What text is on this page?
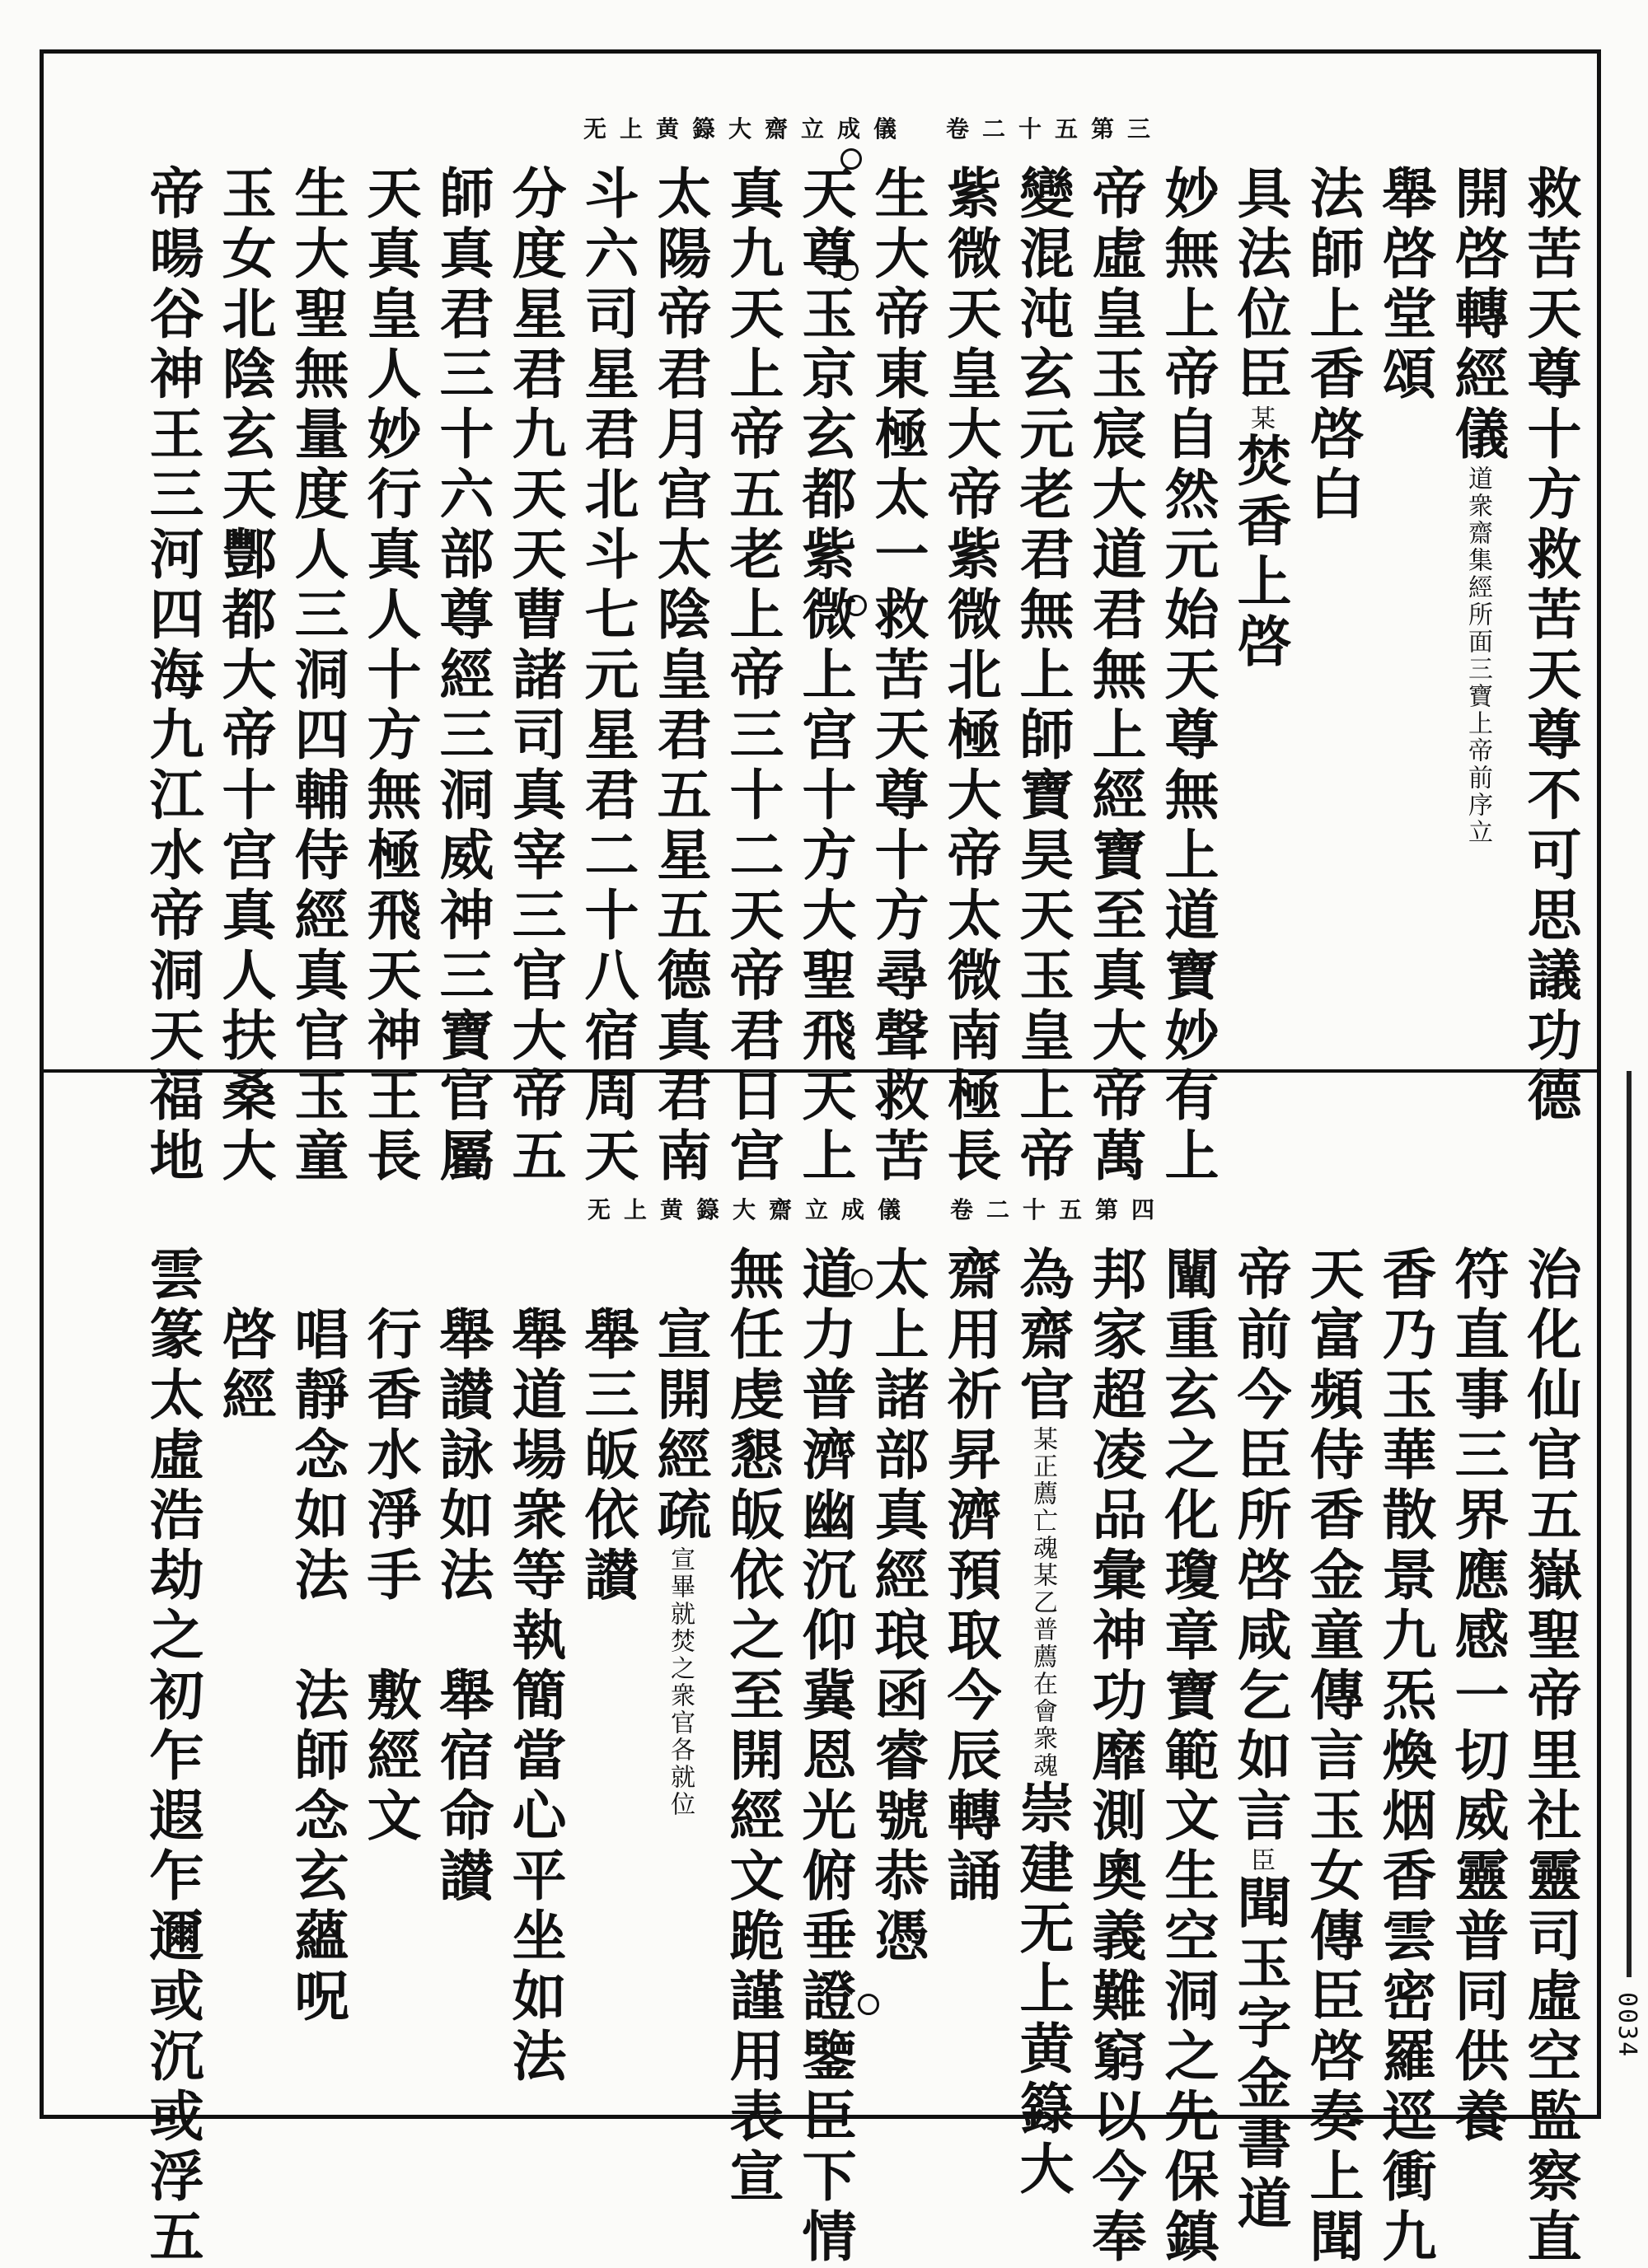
无上黄籙大齋立成儀　卷二十五第三
救苦天尊十方救苦天尊不可思議功德
開啓轉經儀道衆齋集經所面三寶上帝前序立
舉啓堂頌
法師上香啓白
具法位臣某焚香上啓
妙無上帝自然元始天尊無上道寶妙有上
帝虛皇玉宸大道君無上經寶至真大帝萬
變混沌玄元老君無上師寶昊天玉皇上帝
紫微天皇大帝紫微北極大帝太微南極長
生大帝東極太一救苦天尊十方尋聲救苦
天尊玉京玄都紫微上宫十方大聖飛天上
真九天上帝五老上帝三十二天帝君日宫
太陽帝君月宫太陰皇君五星五德真君南
斗六司星君北斗七元星君二十八宿周天
分度星君九天天曹諸司真宰三官大帝五
師真君三十六部尊經三洞威神三寶官屬
天真皇人妙行真人十方無極飛天神王長
生大聖無量度人三洞四輔侍經真官玉童
玉女北陰玄天酆都大帝十宫真人扶桑大
帝暘谷神王三河四海九江水帝洞天福地
无上黄籙大齋立成儀　卷二十五第四
治化仙官五嶽聖帝里社靈司虛空監察直
符直事三界應感一切威靈普同供養
香乃玉華散景九炁煥烟香雲密羅逕衝九
天富頻侍香金童傳言玉女傳臣啓奏上聞
帝前今臣所啓咸乞如言臣聞玉字金書道
闡重玄之化瓊章寶範文生空洞之先保鎮
邦家超凌品彙神功靡測奧義難窮以今奉
為齋官某正薦亡魂某乙普薦在會衆魂崇建无上黄籙大
齋用祈昇濟預取今辰轉誦
太上諸部真經琅函睿號恭憑
道力普濟幽沉仰冀恩光俯垂證鑒臣下情
無任虔懇皈依之至開經文跪謹用表宣
　宣開經疏宣畢就焚之衆官各就位
　舉三皈依讃
　舉道場衆等執簡當心平坐如法
　舉讃詠如法　舉宿命讃
　行香水淨手　敷經文
　唱靜念如法　法師念玄蘊呪
　啓經
雲篆太虛浩劫之初乍遐乍邇或沉或浮五	0034
